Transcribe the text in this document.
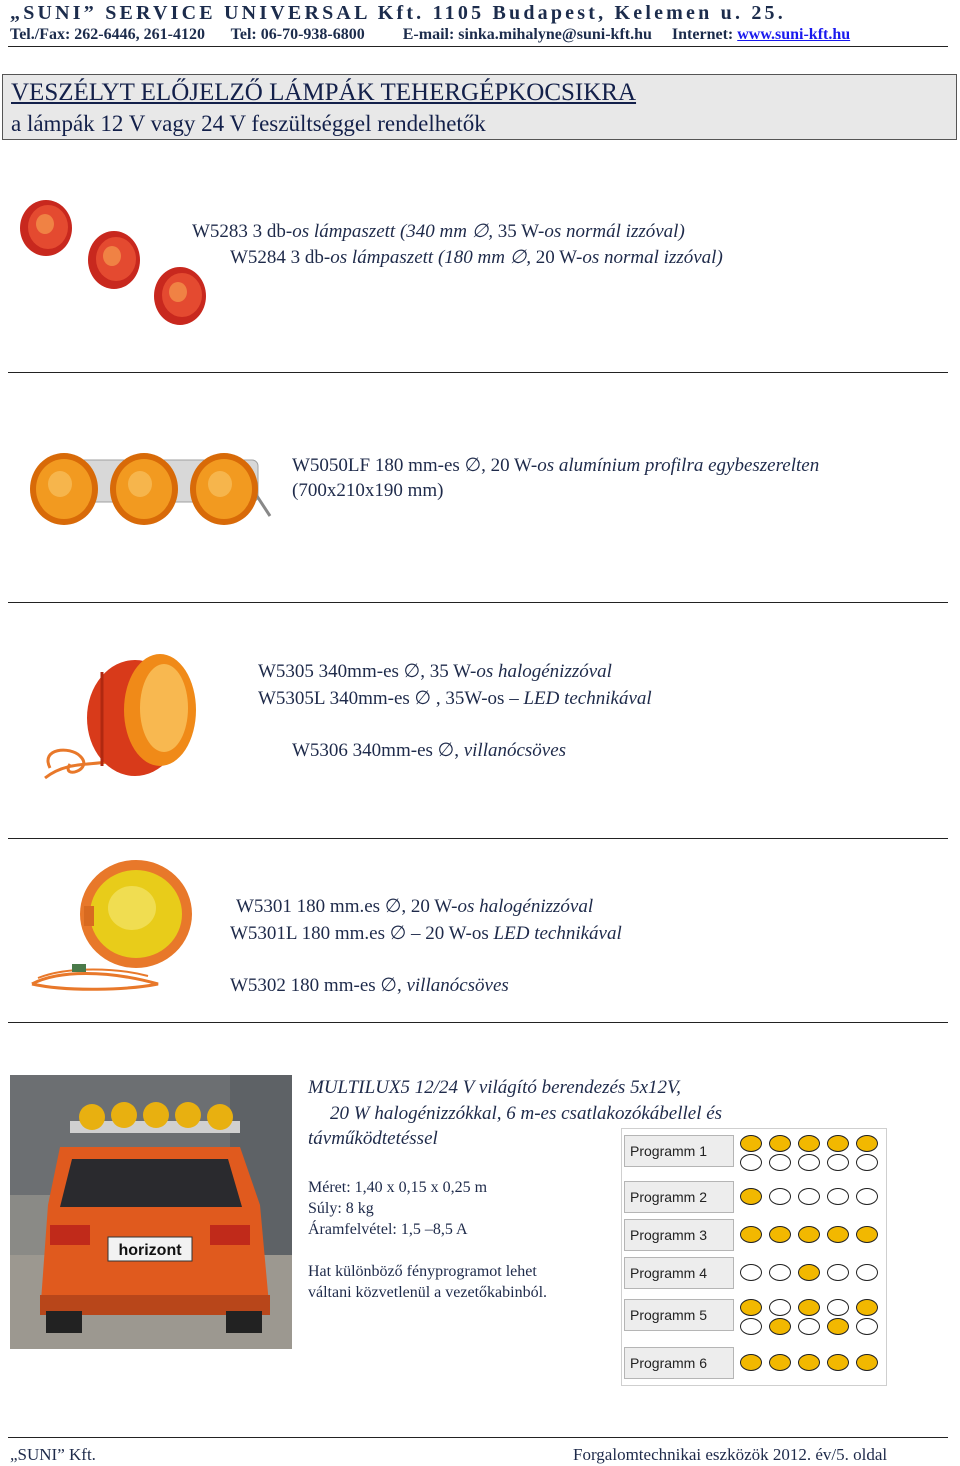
„SUNI” SERVICE UNIVERSAL Kft. 1105 Budapest, Kelemen u. 25.
Tel./Fax: 262-6446, 261-4120 Tel: 06-70-938-6800 E-mail: sinka.mihalyne@suni-kft.hu Internet: www.suni-kft.hu
VESZÉLYT ELŐJELZŐ LÁMPÁK TEHERGÉPKOCSIKRA
a lámpák 12 V vagy 24 V feszültséggel rendelhetők
W5283 3 db-os lámpaszett (340 mm ∅, 35 W-os normál izzóval)
W5284 3 db-os lámpaszett (180 mm ∅, 20 W-os normal izzóval)
W5050LF 180 mm-es ∅, 20 W-os alumínium profilra egybeszerelten
(700x210x190 mm)
W5305 340mm-es ∅, 35 W-os halogénizzóval
W5305L 340mm-es ∅ , 35W-os – LED technikával
W5306 340mm-es ∅, villanócsöves
W5301 180 mm.es ∅, 20 W-os halogénizzóval
W5301L 180 mm.es ∅ – 20 W-os LED technikával
W5302 180 mm-es ∅, villanócsöves
horizont
MULTILUX5 12/24 V világító berendezés 5x12V,
20 W halogénizzókkal, 6 m-es csatlakozókábellel és
távműködtetéssel
Méret: 1,40 x 0,15 x 0,25 m
Súly: 8 kg
Áramfelvétel: 1,5 –8,5 A
Hat különböző fényprogramot lehet
váltani közvetlenül a vezetőkabinból.
Programm 1
Programm 2
Programm 3
Programm 4
Programm 5
Programm 6
„SUNI” Kft.	Forgalomtechnikai eszközök 2012. év/5. oldal
